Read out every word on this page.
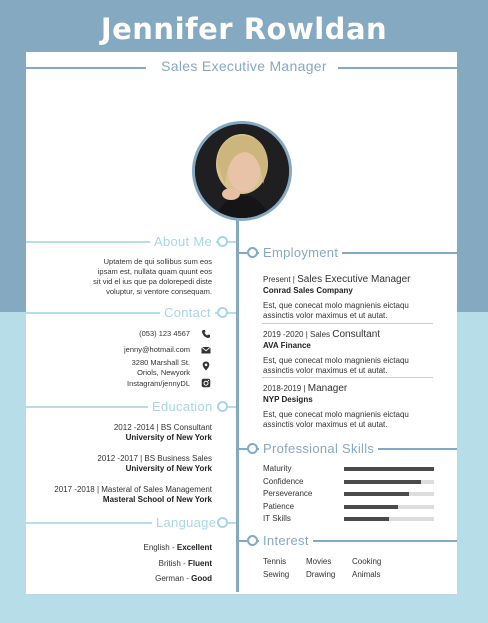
Jennifer Rowldan
Sales Executive Manager
About Me
Uptatem de qui sollibus sum eos
ipsam est, nullata quam quunt eos
sit vid el ius que pa dolorepedi diste
voluptur, si ventore consequam.
Employment
Contact
(053) 123 4567
jenny@hotmail.com
3280 Marshall St.
Oriols, Newyork
Instagram/jennyDL
Present | Sales Executive Manager
Conrad Sales Company
Est, que conecat molo magnienis eictaqu
assinctis volor maximus et ut autat.
2019 -2020 | Sales Consultant
AVA Finance
Est, que conecat molo magnienis eictaqu
assinctis volor maximus et ut autat.
2018-2019 | Manager
NYP Designs
Est, que conecat molo magnienis eictaqu
assinctis volor maximus et ut autat.
Education
2012 -2014 | BS Consultant
University of New York
2012 -2017 | BS Business Sales
University of New York
2017 -2018 | Masteral of Sales Management
Masteral School of New York
Professional Skills
Maturity
Confidence
Perseverance
Patience
IT Skills
Language
English - Excellent
British - Fluent
German - Good
Interest
Tennis Movies	Cooking
Sewing Drawing Animals
